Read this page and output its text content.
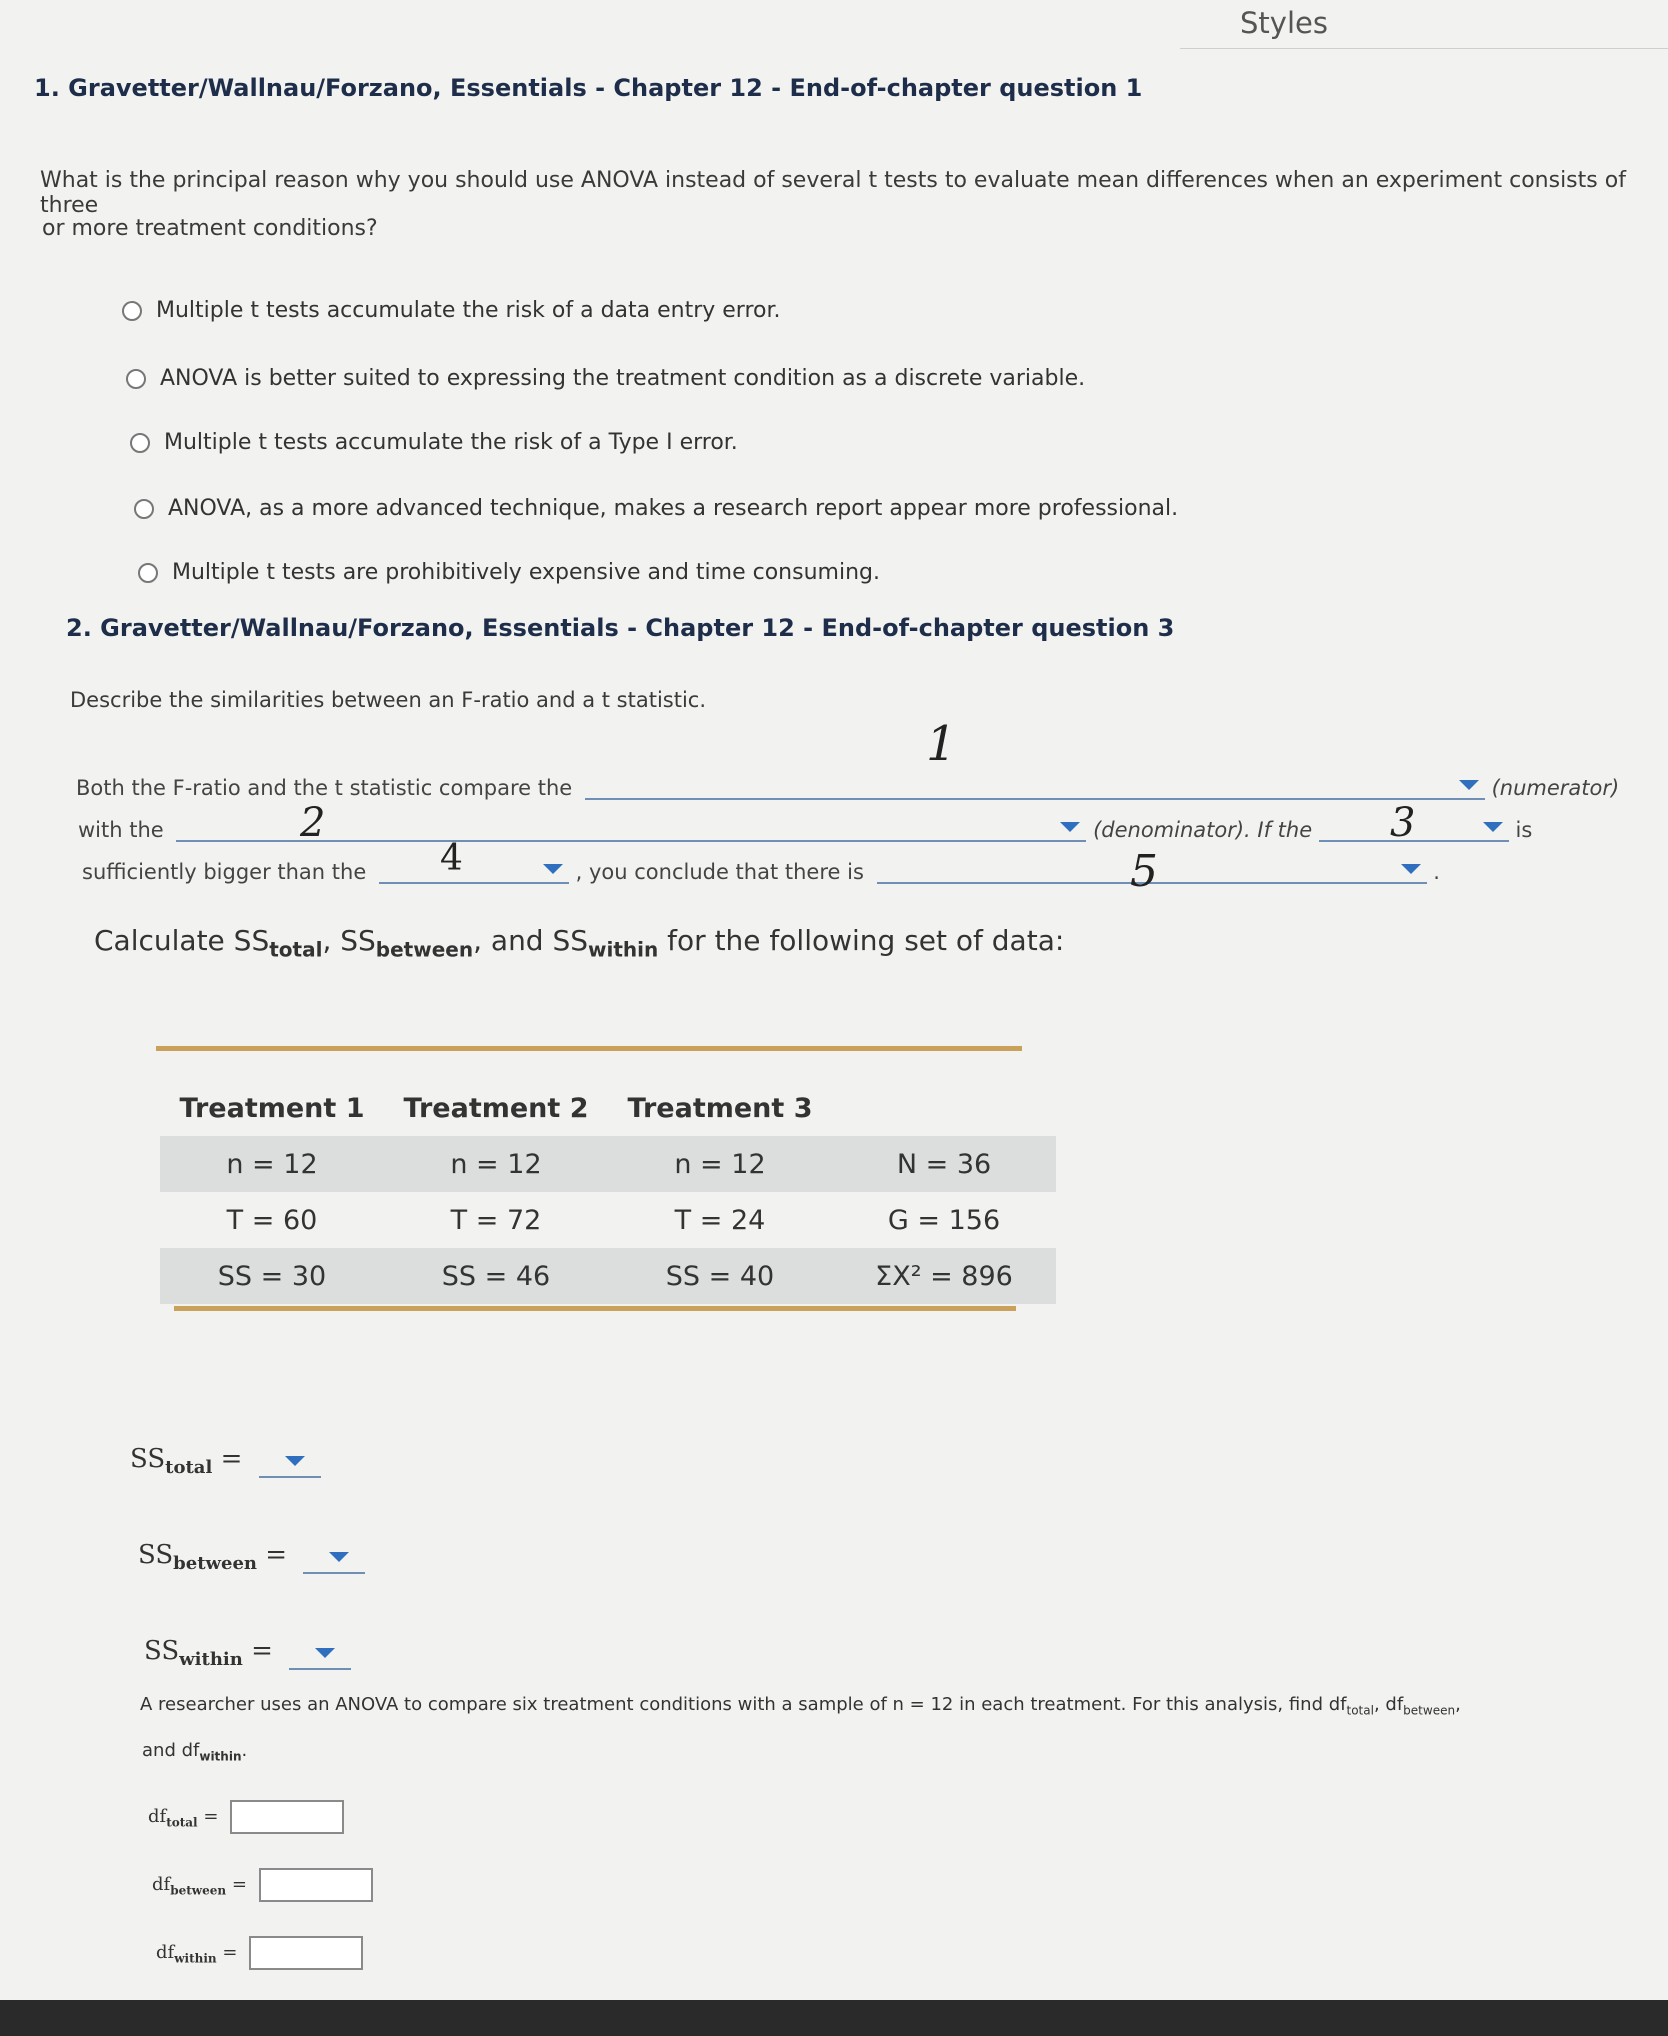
Styles
1. Gravetter/Wallnau/Forzano, Essentials - Chapter 12 - End-of-chapter question 1
What is the principal reason why you should use ANOVA instead of several t tests to evaluate mean differences when an experiment consists of three
or more treatment conditions?
Multiple t tests accumulate the risk of a data entry error.
ANOVA is better suited to expressing the treatment condition as a discrete variable.
Multiple t tests accumulate the risk of a Type I error.
ANOVA, as a more advanced technique, makes a research report appear more professional.
Multiple t tests are prohibitively expensive and time consuming.
2. Gravetter/Wallnau/Forzano, Essentials - Chapter 12 - End-of-chapter question 3
Describe the similarities between an F-ratio and a t statistic.
Both the F-ratio and the t statistic compare the	(numerator)
1
with the	(denominator). If the	is
2	3
sufficiently bigger than the	, you conclude that there is	.
4	5
Calculate $SS_{total}$, $SS_{between}$, and $SS_{within}$ for the following set of data:
Treatment 1	Treatment 2	Treatment 3	
n = 12	n = 12	n = 12	N = 36
T = 60	T = 72	T = 24	G = 156
SS = 30	SS = 46	SS = 40	ΣX² = 896
$SS_{total}$ =
$SS_{between}$ =
$SS_{within}$ =
A researcher uses an ANOVA to compare six treatment conditions with a sample of n = 12 in each treatment. For this analysis, find $df_{total}$, $df_{between}$,
and $df_{within}$.
$df_{total}$ =
$df_{between}$ =
$df_{within}$ =
